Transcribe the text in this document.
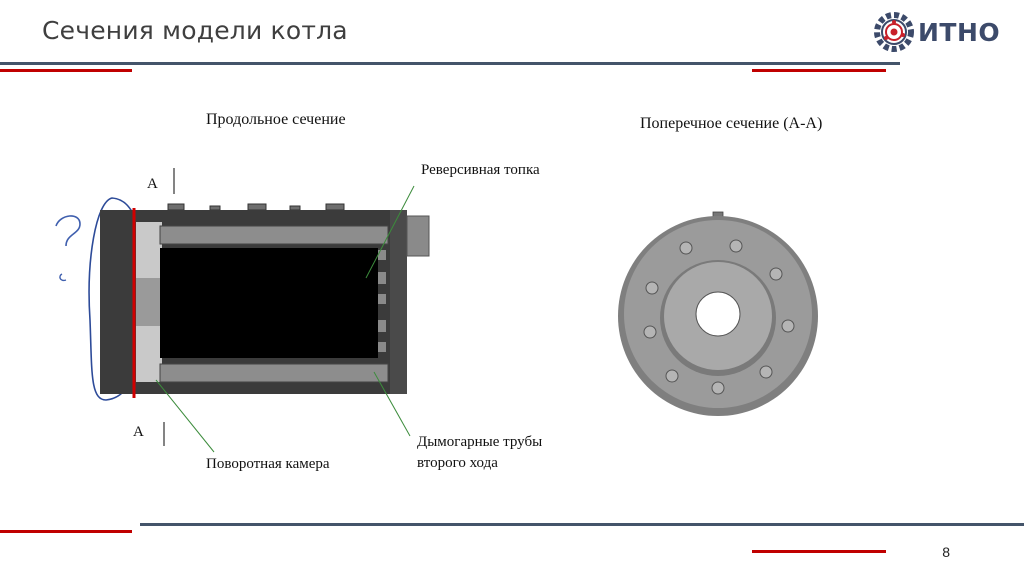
Сечения модели котла	ИТНО
Продольное сечение	Поперечное сечение (А-А)
А
А
Реверсивная топка
Поворотная камера
Дымогарные трубы
второго хода
8
